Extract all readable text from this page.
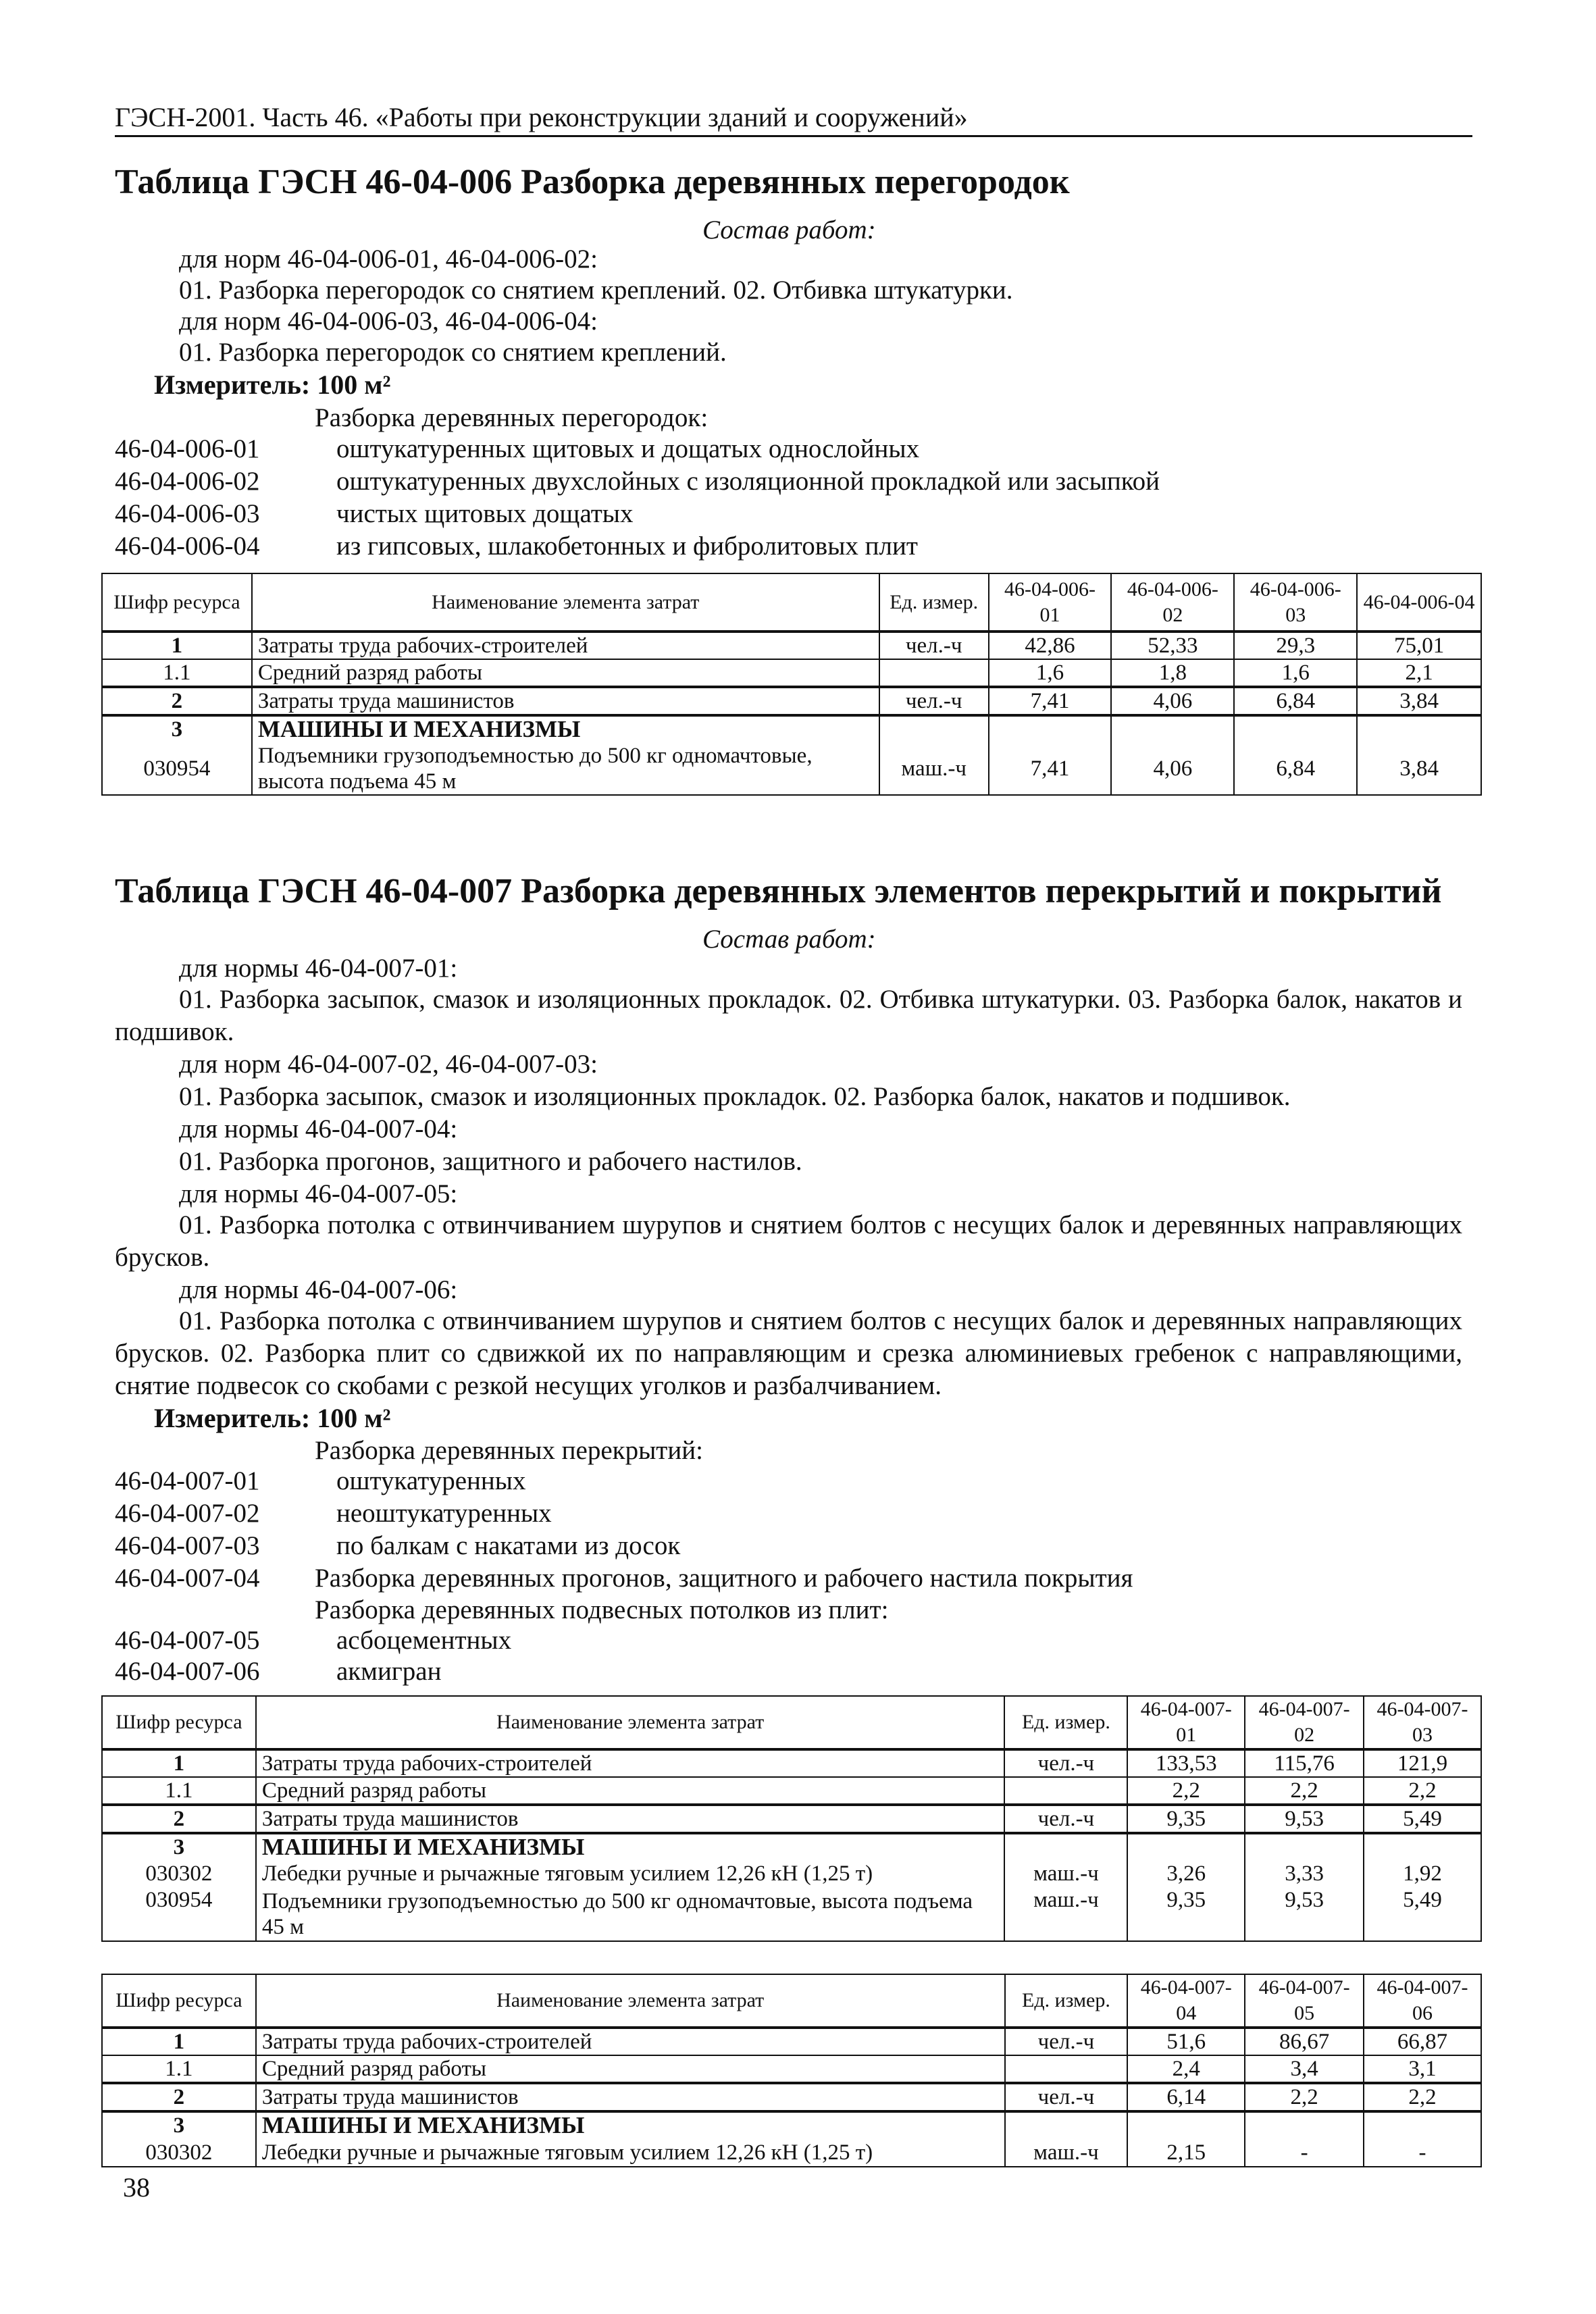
ГЭСН-2001. Часть 46. «Работы при реконструкции зданий и сооружений»
Таблица ГЭСН 46-04-006 Разборка деревянных перегородок
Состав работ:
для норм 46-04-006-01, 46-04-006-02:
01. Разборка перегородок со снятием креплений. 02. Отбивка штукатурки.
для норм 46-04-006-03, 46-04-006-04:
01. Разборка перегородок со снятием креплений.
Измеритель: 100 м²
Разборка деревянных перегородок:
46-04-006-01	оштукатуренных щитовых и дощатых однослойных
46-04-006-02	оштукатуренных двухслойных с изоляционной прокладкой или засыпкой
46-04-006-03	чистых щитовых дощатых
46-04-006-04	из гипсовых, шлакобетонных и фибролитовых плит
Шифр ресурса	Наименование элемента затрат	Ед. измер.	46-04-006-01	46-04-006-02	46-04-006-03	46-04-006-04
1	Затраты труда рабочих-строителей	чел.-ч	42,86	52,33	29,3	75,01
1.1	Средний разряд работы		1,6	1,8	1,6	2,1
2	Затраты труда машинистов	чел.-ч	7,41	4,06	6,84	3,84
3	МАШИНЫ И МЕХАНИЗМЫ					
030954	Подъемники грузоподъемностью до 500 кг одномачтовые, высота подъема 45 м	маш.-ч	7,41	4,06	6,84	3,84
Таблица ГЭСН 46-04-007 Разборка деревянных элементов перекрытий и покрытий
Состав работ:
для нормы 46-04-007-01:
01. Разборка засыпок, смазок и изоляционных прокладок. 02. Отбивка штукатурки. 03. Разборка балок, накатов и подшивок.
для норм 46-04-007-02, 46-04-007-03:
01. Разборка засыпок, смазок и изоляционных прокладок. 02. Разборка балок, накатов и подшивок.
для нормы 46-04-007-04:
01. Разборка прогонов, защитного и рабочего настилов.
для нормы 46-04-007-05:
01. Разборка потолка с отвинчиванием шурупов и снятием болтов с несущих балок и деревянных направляющих брусков.
для нормы 46-04-007-06:
01. Разборка потолка с отвинчиванием шурупов и снятием болтов с несущих балок и деревянных направляющих брусков. 02. Разборка плит со сдвижкой их по направляющим и срезка алюминиевых гребенок с направляющими, снятие подвесок со скобами с резкой несущих уголков и разбалчиванием.
Измеритель: 100 м²
Разборка деревянных перекрытий:
46-04-007-01	оштукатуренных
46-04-007-02	неоштукатуренных
46-04-007-03	по балкам с накатами из досок
46-04-007-04 Разборка деревянных прогонов, защитного и рабочего настила покрытия
Разборка деревянных подвесных потолков из плит:
46-04-007-05	асбоцементных
46-04-007-06	акмигран
Шифр ресурса	Наименование элемента затрат	Ед. измер.	46-04-007-01	46-04-007-02	46-04-007-03
1	Затраты труда рабочих-строителей	чел.-ч	133,53	115,76	121,9
1.1	Средний разряд работы		2,2	2,2	2,2
2	Затраты труда машинистов	чел.-ч	9,35	9,53	5,49
3	МАШИНЫ И МЕХАНИЗМЫ				
030302	Лебедки ручные и рычажные тяговым усилием 12,26 кН (1,25 т)	маш.-ч	3,26	3,33	1,92
030954	Подъемники грузоподъемностью до 500 кг одномачтовые, высота подъема 45 м	маш.-ч	9,35	9,53	5,49
Шифр ресурса	Наименование элемента затрат	Ед. измер.	46-04-007-04	46-04-007-05	46-04-007-06
1	Затраты труда рабочих-строителей	чел.-ч	51,6	86,67	66,87
1.1	Средний разряд работы		2,4	3,4	3,1
2	Затраты труда машинистов	чел.-ч	6,14	2,2	2,2
3	МАШИНЫ И МЕХАНИЗМЫ				
030302	Лебедки ручные и рычажные тяговым усилием 12,26 кН (1,25 т)	маш.-ч	2,15	-	-
38
